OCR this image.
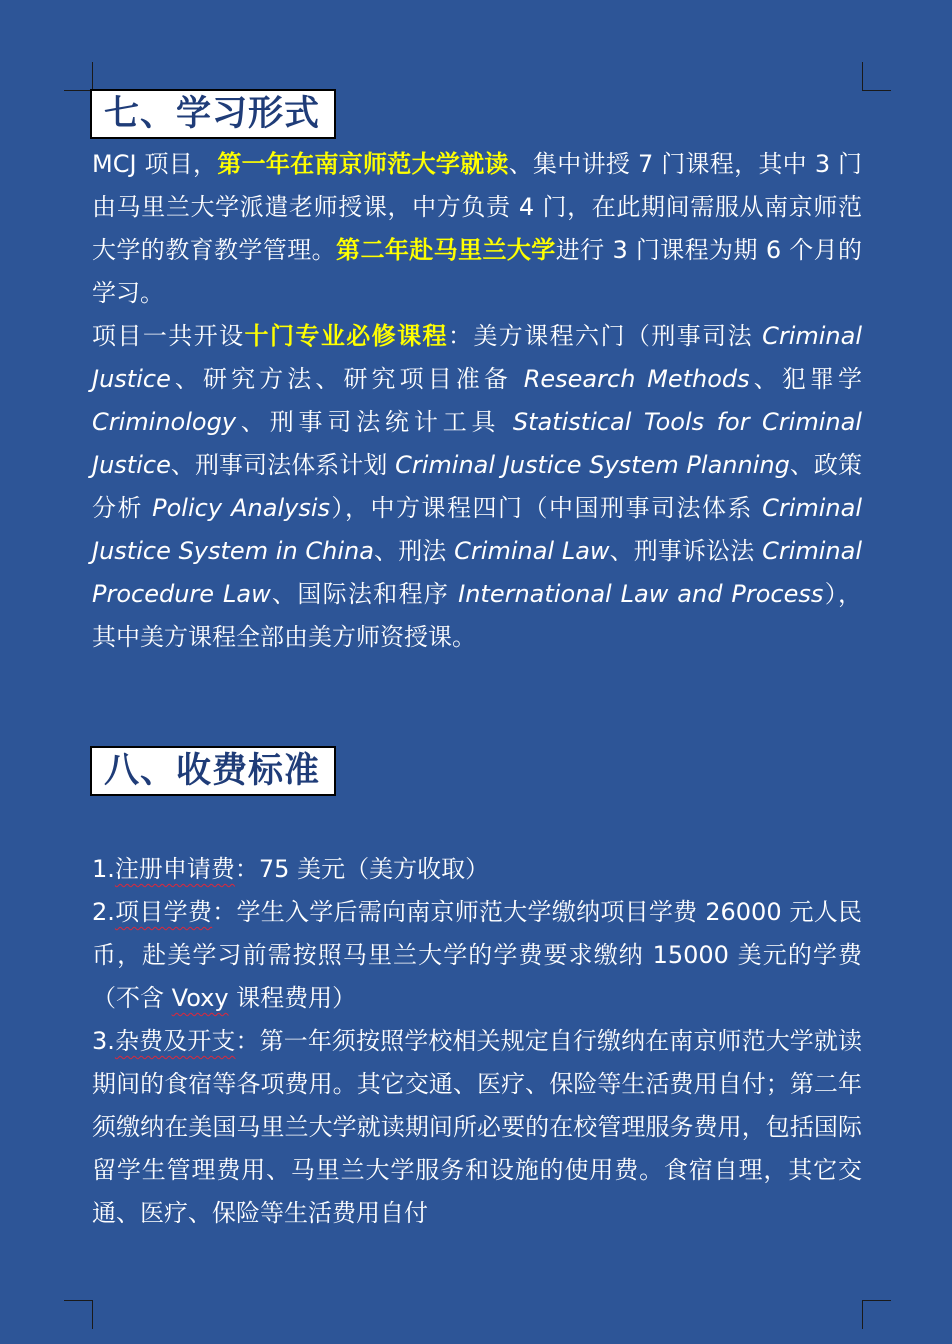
七、学习形式
MCJ 项目，第一年在南京师范大学就读、集中讲授 7 门课程，其中 3 门由马里兰大学派遣老师授课，中方负责 4 门，在此期间需服从南京师范大学的教育教学管理。第二年赴马里兰大学进行 3 门课程为期 6 个月的学习。
项目一共开设十门专业必修课程：美方课程六门（刑事司法 Criminal Justice、研究方法、研究项目准备 Research Methods、犯罪学 Criminology、刑事司法统计工具 Statistical Tools for Criminal Justice、刑事司法体系计划 Criminal Justice System Planning、政策分析 Policy Analysis），中方课程四门（中国刑事司法体系 Criminal Justice System in China、刑法 Criminal Law、刑事诉讼法 Criminal Procedure Law、国际法和程序 International Law and Process），其中美方课程全部由美方师资授课。
八、收费标准
1.注册申请费：75 美元（美方收取）
2.项目学费：学生入学后需向南京师范大学缴纳项目学费 26000 元人民币，赴美学习前需按照马里兰大学的学费要求缴纳 15000 美元的学费（不含 Voxy 课程费用）
3.杂费及开支：第一年须按照学校相关规定自行缴纳在南京师范大学就读期间的食宿等各项费用。其它交通、医疗、保险等生活费用自付；第二年须缴纳在美国马里兰大学就读期间所必要的在校管理服务费用，包括国际留学生管理费用、马里兰大学服务和设施的使用费。食宿自理，其它交通、医疗、保险等生活费用自付
